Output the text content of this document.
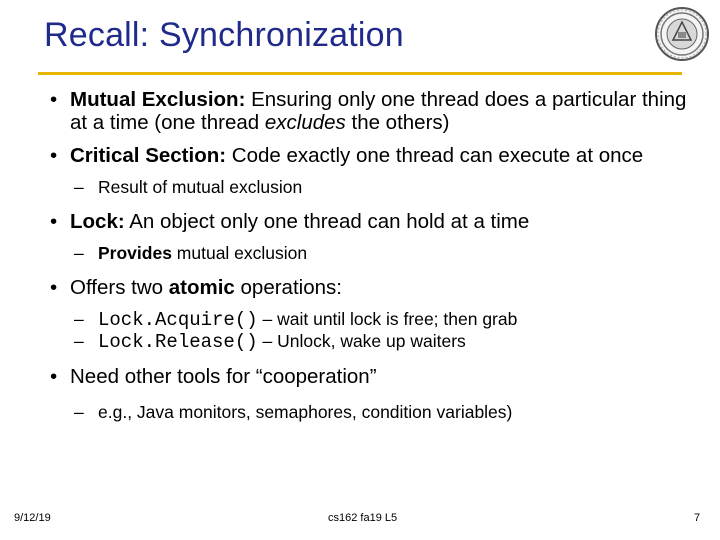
Recall: Synchronization
• Mutual Exclusion: Ensuring only one thread does a particular thing at a time (one thread excludes the others)
• Critical Section: Code exactly one thread can execute at once
– Result of mutual exclusion
• Lock: An object only one thread can hold at a time
– Provides mutual exclusion
• Offers two atomic operations:
– Lock.Acquire() – wait until lock is free; then grab
– Lock.Release() – Unlock, wake up waiters
• Need other tools for “cooperation”
– e.g., Java monitors, semaphores, condition variables)
9/12/19	cs162 fa19 L5	7
